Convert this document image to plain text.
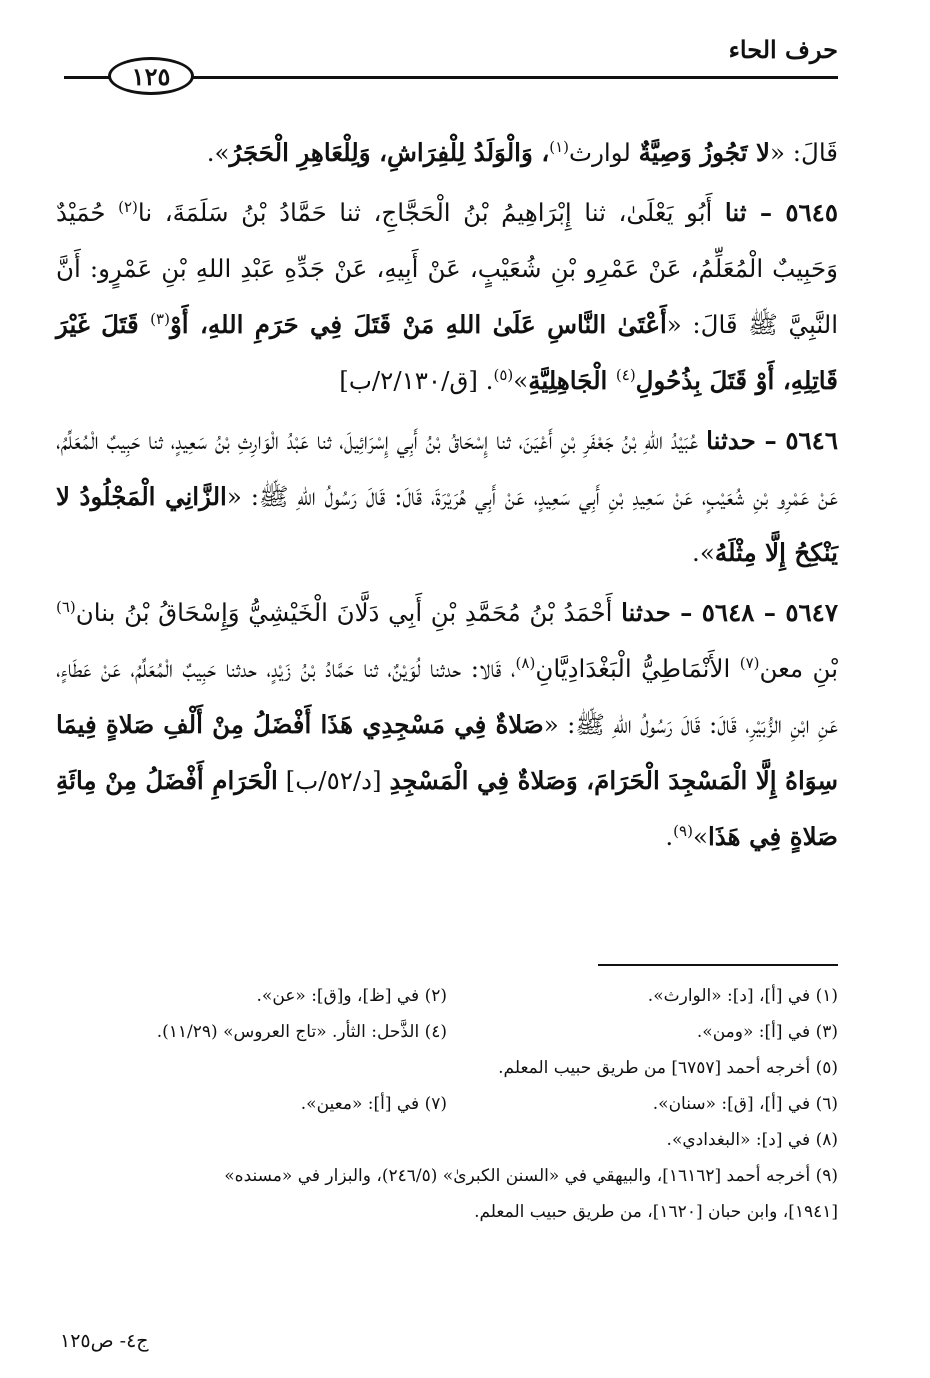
حرف الحاء
١٢٥

قَالَ: «لا تَجُوزُ وَصِيَّةٌ لوارث$^{(١)}$، وَالْوَلَدُ لِلْفِرَاشِ، وَلِلْعَاهِرِ الْحَجَرُ».

٥٦٤٥ – ثنا أَبُو يَعْلَىٰ، ثنا إِبْرَاهِيمُ بْنُ الْحَجَّاجِ، ثنا حَمَّادُ بْنُ سَلَمَةَ، نا$^{(٢)}$ حُمَيْدٌ وَحَبِيبٌ الْمُعَلِّمُ، عَنْ عَمْرِو بْنِ شُعَيْبٍ، عَنْ أَبِيهِ، عَنْ جَدِّهِ عَبْدِ اللهِ بْنِ عَمْرٍو: أَنَّ النَّبِيَّ ﷺ قَالَ: «أَعْتَىٰ النَّاسِ عَلَىٰ اللهِ مَنْ قَتَلَ فِي حَرَمِ اللهِ، أَوْ$^{(٣)}$ قَتَلَ غَيْرَ قَاتِلِهِ، أَوْ قَتَلَ بِذُحُولِ$^{(٤)}$ الْجَاهِلِيَّةِ»$^{(٥)}$. [ق/٢/١٣٠/ب]

٥٦٤٦ – حدثنا عُبَيْدُ اللهِ بْنُ جَعْفَرِ بْنِ أَعْيَنَ، ثنا إِسْحَاقُ بْنُ أَبِي إِسْرَائِيلَ، ثنا عَبْدُ الْوَارِثِ بْنُ سَعِيدٍ، ثنا حَبِيبٌ الْمُعَلِّمُ، عَنْ عَمْرِو بْنِ شُعَيْبٍ، عَنْ سَعِيدِ بْنِ أَبِي سَعِيدٍ، عَنْ أَبِي هُرَيْرَةَ، قَالَ: قَالَ رَسُولُ اللهِ ﷺ: «الزَّانِي الْمَجْلُودُ لا يَنْكِحُ إِلَّا مِثْلَهُ».

٥٦٤٧ – ٥٦٤٨ – حدثنا أَحْمَدُ بْنُ مُحَمَّدِ بْنِ أَبِي دَلَّانَ الْخَيْشِيُّ وَإِسْحَاقُ بْنُ بنان$^{(٦)}$ بْنِ معن$^{(٧)}$ الأَنْمَاطِيُّ الْبَغْدَادِيَّانِ$^{(٨)}$، قَالا: حدثنا لُوَيْنٌ، ثنا حَمَّادُ بْنُ زَيْدٍ، حدثنا حَبِيبٌ الْمُعَلِّمُ، عَنْ عَطَاءٍ، عَنِ ابْنِ الزُّبَيْرِ، قَالَ: قَالَ رَسُولُ اللهِ ﷺ: «صَلاةٌ فِي مَسْجِدِي هَذَا أَفْضَلُ مِنْ أَلْفِ صَلاةٍ فِيمَا سِوَاهُ إِلَّا الْمَسْجِدَ الْحَرَامَ، وَصَلاةٌ فِي الْمَسْجِدِ [د/٥٢/ب] الْحَرَامِ أَفْضَلُ مِنْ مِائَةِ صَلاةٍ فِي هَذَا»$^{(٩)}$.

(١) في [أ]، [د]: «الوارث».
(٢) في [ظ]، و[ق]: «عن».
(٣) في [أ]: «ومن».
(٤) الذَّحل: الثأر. «تاج العروس» (١١/٢٩).
(٥) أخرجه أحمد [٦٧٥٧] من طريق حبيب المعلم.
(٦) في [أ]، [ق]: «سنان».
(٧) في [أ]: «معين».
(٨) في [د]: «البغدادي».
(٩) أخرجه أحمد [١٦١٦٢]، والبيهقي في «السنن الكبرىٰ» (٢٤٦/٥)، والبزار في «مسنده»
[١٩٤١]، وابن حبان [١٦٢٠]، من طريق حبيب المعلم.
ج٤- ص١٢٥
